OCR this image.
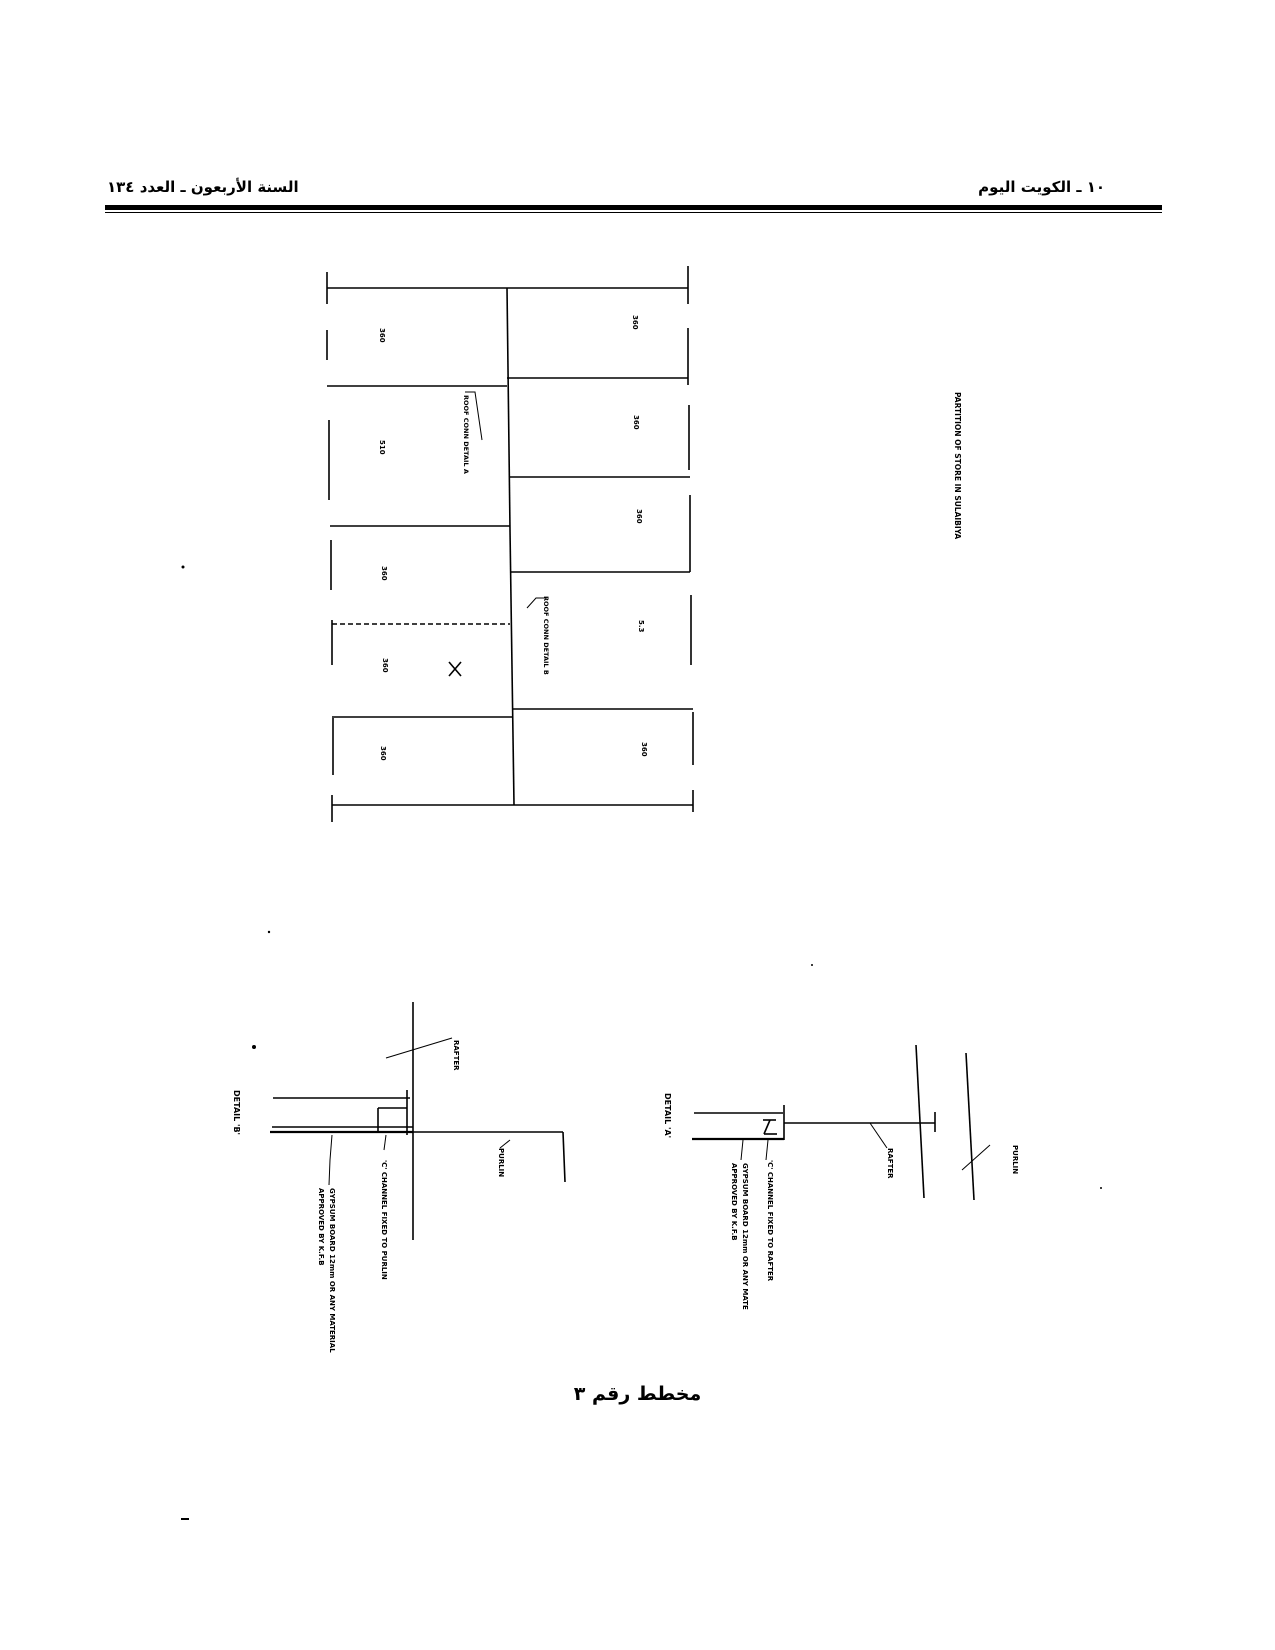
١٠ ـ الكويت اليوم
السنة الأربعون ـ العدد ١٣٤
360
510
360
360
360
360
360
360
5.3
360
ROOF CONN DETAIL A
ROOF CONN DETAIL B
PARTITION OF STORE IN SULAIBIYA
DETAIL 'B'
RAFTER
PURLIN
'C' CHANNEL FIXED TO PURLIN
GYPSUM BOARD 12mm OR ANY MATERIAL
APPROVED BY K.F.B
DETAIL 'A'
RAFTER	PURLIN
'C' CHANNEL FIXED TO RAFTER
GYPSUM BOARD 12mm OR ANY MATE
APPROVED BY K.F.B
مخطط رقم ٣
